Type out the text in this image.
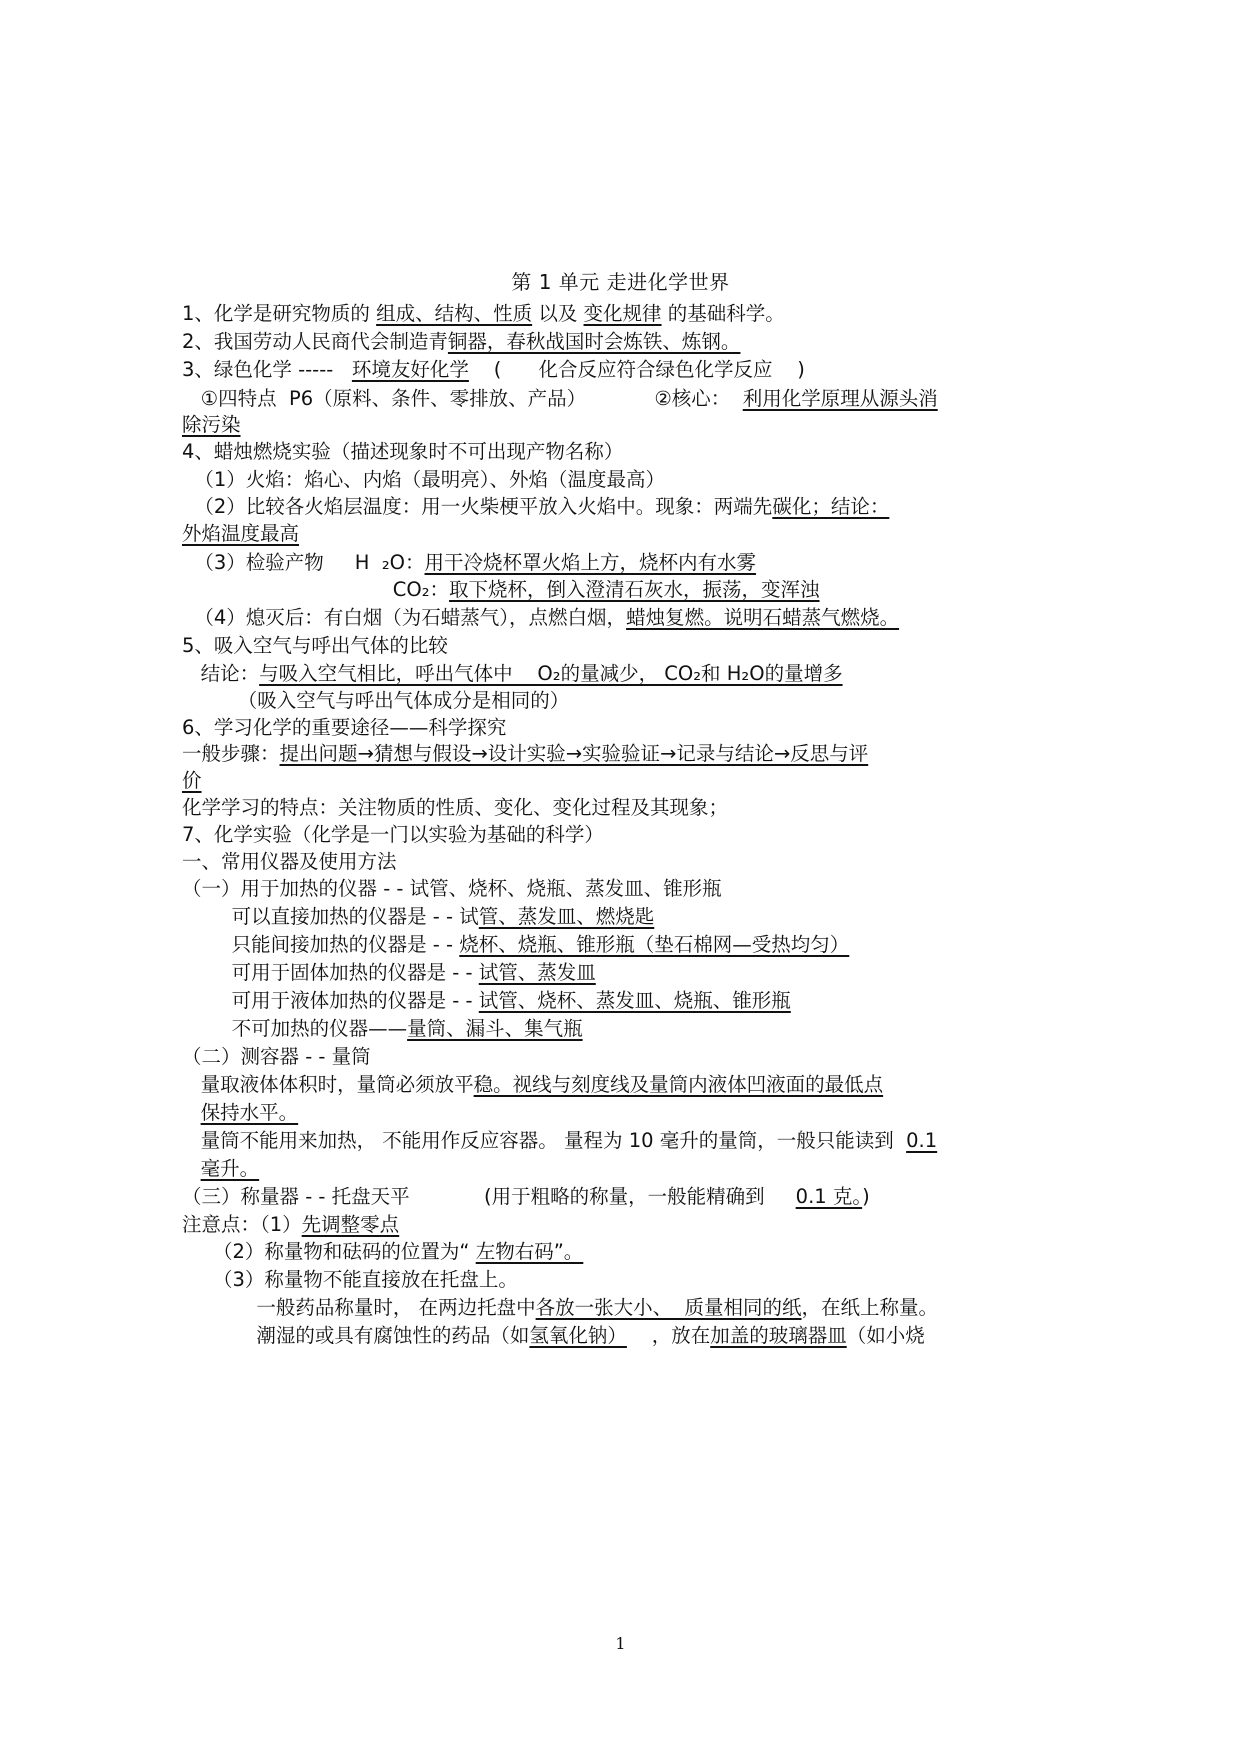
第 1 单元 走进化学世界
1、化学是研究物质的 组成、结构、性质 以及 变化规律 的基础科学。
2、我国劳动人民商代会制造青铜器，春秋战国时会炼铁、炼钢。
3、绿色化学 -----   环境友好化学    (      化合反应符合绿色化学反应    )
①四特点  P6（原料、条件、零排放、产品）           ②核心：  利用化学原理从源头消
除污染
4、蜡烛燃烧实验（描述现象时不可出现产物名称）
（1）火焰：焰心、内焰（最明亮）、外焰（温度最高）
（2）比较各火焰层温度：用一火柴梗平放入火焰中。现象：两端先碳化；结论：
外焰温度最高
（3）检验产物     H  ₂O：用干冷烧杯罩火焰上方，烧杯内有水雾
CO₂：取下烧杯，倒入澄清石灰水，振荡，变浑浊
（4）熄灭后：有白烟（为石蜡蒸气），点燃白烟，蜡烛复燃。说明石蜡蒸气燃烧。
5、吸入空气与呼出气体的比较
结论：与吸入空气相比，呼出气体中    O₂的量减少， CO₂和 H₂O的量增多
（吸入空气与呼出气体成分是相同的）
6、学习化学的重要途径——科学探究
一般步骤：提出问题→猜想与假设→设计实验→实验验证→记录与结论→反思与评
价
化学学习的特点：关注物质的性质、变化、变化过程及其现象；
7、化学实验（化学是一门以实验为基础的科学）
一、常用仪器及使用方法
（一）用于加热的仪器 - - 试管、烧杯、烧瓶、蒸发皿、锥形瓶
可以直接加热的仪器是 - - 试管、蒸发皿、燃烧匙
只能间接加热的仪器是 - - 烧杯、烧瓶、锥形瓶（垫石棉网—受热均匀）
可用于固体加热的仪器是 - - 试管、蒸发皿
可用于液体加热的仪器是 - - 试管、烧杯、蒸发皿、烧瓶、锥形瓶
不可加热的仪器——量筒、漏斗、集气瓶
（二）测容器 - - 量筒
量取液体体积时，量筒必须放平稳。视线与刻度线及量筒内液体凹液面的最低点
保持水平。
量筒不能用来加热， 不能用作反应容器。 量程为 10 毫升的量筒，一般只能读到  0.1
毫升。
（三）称量器 - - 托盘天平            (用于粗略的称量，一般能精确到     0.1 克。)
注意点：（1）先调整零点
（2）称量物和砝码的位置为“ 左物右码”。
（3）称量物不能直接放在托盘上。
一般药品称量时， 在两边托盘中各放一张大小、  质量相同的纸，在纸上称量。
潮湿的或具有腐蚀性的药品（如氢氧化钠）    ，放在加盖的玻璃器皿（如小烧
1
